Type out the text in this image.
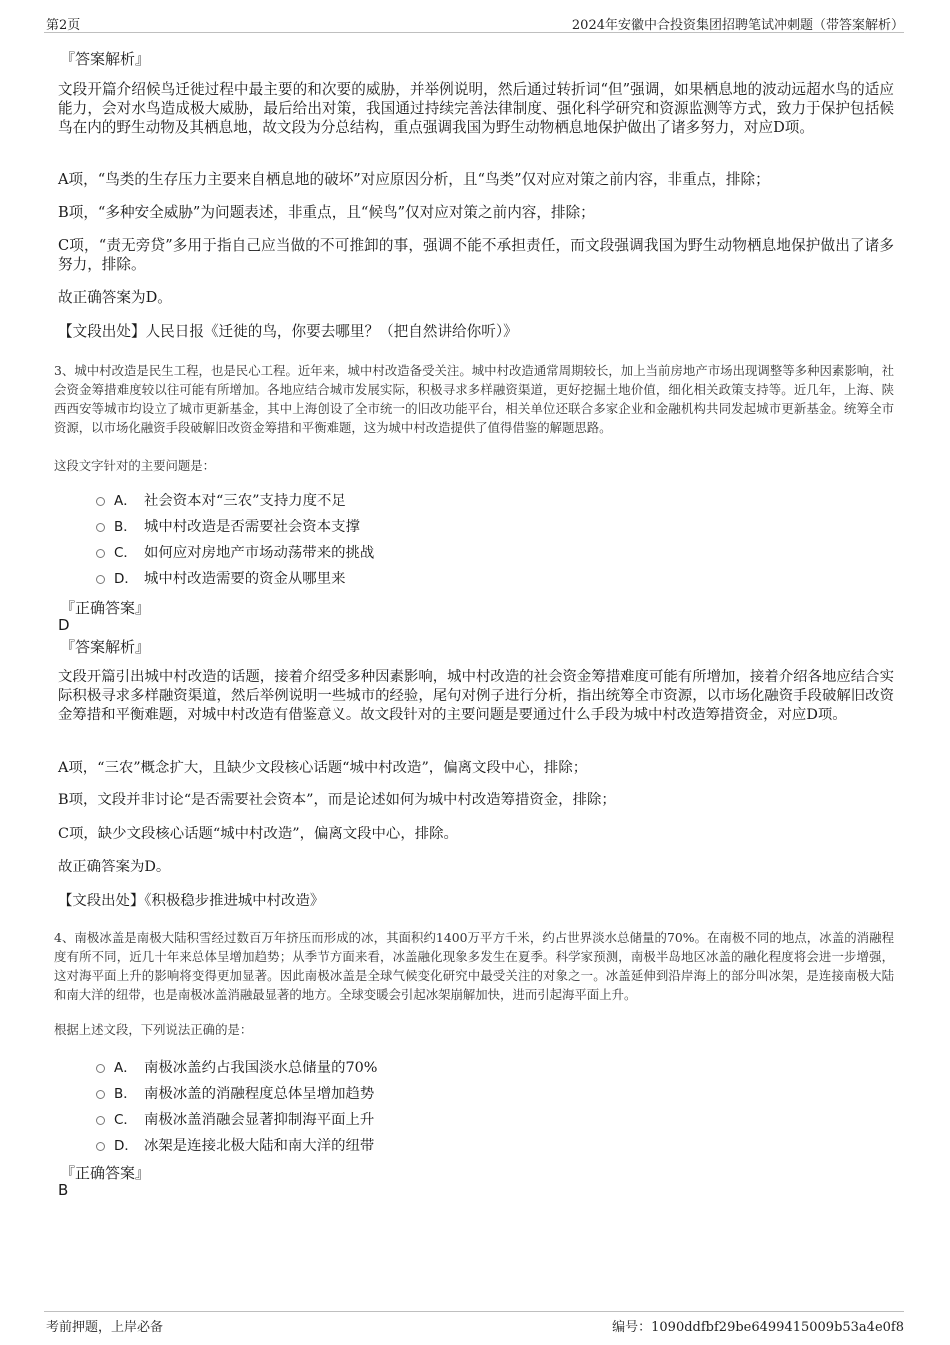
第2页	2024年安徽中合投资集团招聘笔试冲刺题（带答案解析）
『答案解析』

文段开篇介绍候鸟迁徙过程中最主要的和次要的威胁，并举例说明，然后通过转折词“但”强调，如果栖息地的波动远超水鸟的适应能力，会对水鸟造成极大威胁，最后给出对策，我国通过持续完善法律制度、强化科学研究和资源监测等方式，致力于保护包括候鸟在内的野生动物及其栖息地，故文段为分总结构，重点强调我国为野生动物栖息地保护做出了诸多努力，对应D项。

A项，“鸟类的生存压力主要来自栖息地的破坏”对应原因分析，且“鸟类”仅对应对策之前内容，非重点，排除；

B项，“多种安全威胁”为问题表述，非重点，且“候鸟”仅对应对策之前内容，排除；

C项，“责无旁贷”多用于指自己应当做的不可推卸的事，强调不能不承担责任，而文段强调我国为野生动物栖息地保护做出了诸多努力，排除。

故正确答案为D。

【文段出处】人民日报《迁徙的鸟，你要去哪里？（把自然讲给你听）》

3、城中村改造是民生工程，也是民心工程。近年来，城中村改造备受关注。城中村改造通常周期较长，加上当前房地产市场出现调整等多种因素影响，社会资金筹措难度较以往可能有所增加。各地应结合城市发展实际，积极寻求多样融资渠道，更好挖掘土地价值，细化相关政策支持等。近几年，上海、陕西西安等城市均设立了城市更新基金，其中上海创设了全市统一的旧改功能平台，相关单位还联合多家企业和金融机构共同发起城市更新基金。统筹全市资源，以市场化融资手段破解旧改资金筹措和平衡难题，这为城中村改造提供了值得借鉴的解题思路。

这段文字针对的主要问题是：
A． 社会资本对“三农”支持力度不足
B． 城中村改造是否需要社会资本支撑
C． 如何应对房地产市场动荡带来的挑战
D． 城中村改造需要的资金从哪里来
『正确答案』
D
『答案解析』

文段开篇引出城中村改造的话题，接着介绍受多种因素影响，城中村改造的社会资金筹措难度可能有所增加，接着介绍各地应结合实际积极寻求多样融资渠道，然后举例说明一些城市的经验，尾句对例子进行分析，指出统筹全市资源，以市场化融资手段破解旧改资金筹措和平衡难题，对城中村改造有借鉴意义。故文段针对的主要问题是要通过什么手段为城中村改造筹措资金，对应D项。

A项，“三农”概念扩大，且缺少文段核心话题“城中村改造”，偏离文段中心，排除；

B项，文段并非讨论“是否需要社会资本”，而是论述如何为城中村改造筹措资金，排除；

C项，缺少文段核心话题“城中村改造”，偏离文段中心，排除。

故正确答案为D。

【文段出处】《积极稳步推进城中村改造》

4、南极冰盖是南极大陆积雪经过数百万年挤压而形成的冰，其面积约1400万平方千米，约占世界淡水总储量的70%。在南极不同的地点，冰盖的消融程度有所不同，近几十年来总体呈增加趋势；从季节方面来看，冰盖融化现象多发生在夏季。科学家预测，南极半岛地区冰盖的融化程度将会进一步增强，这对海平面上升的影响将变得更加显著。因此南极冰盖是全球气候变化研究中最受关注的对象之一。冰盖延伸到沿岸海上的部分叫冰架，是连接南极大陆和南大洋的纽带，也是南极冰盖消融最显著的地方。全球变暖会引起冰架崩解加快，进而引起海平面上升。

根据上述文段，下列说法正确的是：
A． 南极冰盖约占我国淡水总储量的70%
B． 南极冰盖的消融程度总体呈增加趋势
C． 南极冰盖消融会显著抑制海平面上升
D． 冰架是连接北极大陆和南大洋的纽带
『正确答案』
B
考前押题，上岸必备	编号：1090ddfbf29be6499415009b53a4e0f8
